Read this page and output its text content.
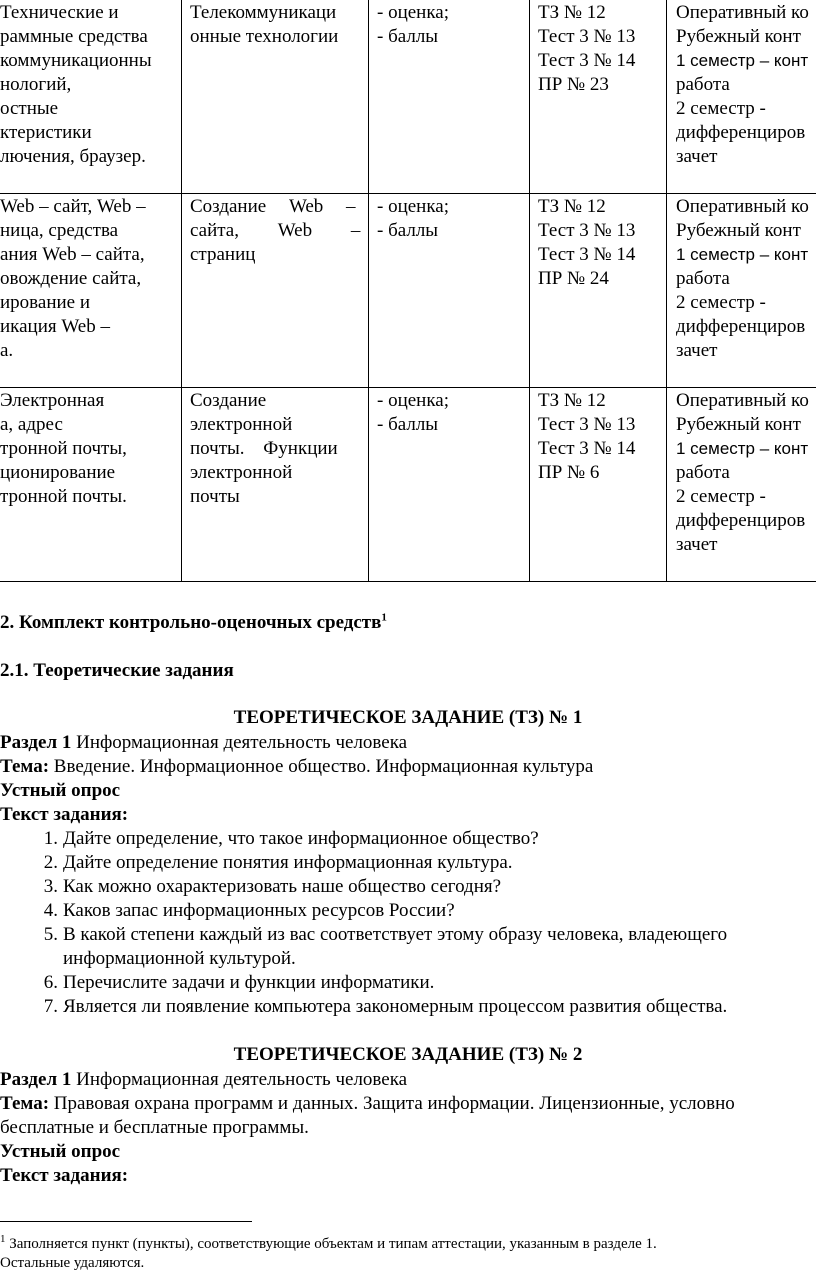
Технические и
раммные средства
коммуникационны
нологий,
остные
ктеристики
лючения, браузер.
Телекоммуникаци
онные технологии
- оценка;
- баллы
ТЗ № 12
Тест 3 № 13
Тест 3 № 14
ПР № 23
Оперативный ко
Рубежный конт
1 семестр – конт
работа
2 семестр -
дифференциров
зачет
Web – сайт, Web –
ница, средства
ания Web – сайта,
овождение сайта,
ирование и
икация Web –
а.
Создание Web –
сайта, Web –
страниц
- оценка;
- баллы
ТЗ № 12
Тест 3 № 13
Тест 3 № 14
ПР № 24
Оперативный ко
Рубежный конт
1 семестр – конт
работа
2 семестр -
дифференциров
зачет
Электронная
а, адрес
тронной почты,
ционирование
тронной почты.
Создание
электронной
почты. Функции
электронной
почты
- оценка;
- баллы
ТЗ № 12
Тест 3 № 13
Тест 3 № 14
ПР № 6
Оперативный ко
Рубежный конт
1 семестр – конт
работа
2 семестр -
дифференциров
зачет
2. Комплект контрольно-оценочных средств$^1$
2.1. Теоретические задания
ТЕОРЕТИЧЕСКОЕ ЗАДАНИЕ (ТЗ) № 1
Раздел 1 Информационная деятельность человека
Тема: Введение. Информационное общество. Информационная культура
Устный опрос
Текст задания:
1. Дайте определение, что такое информационное общество?
2. Дайте определение понятия информационная культура.
3. Как можно охарактеризовать наше общество сегодня?
4. Каков запас информационных ресурсов России?
5. В какой степени каждый из вас соответствует этому образу человека, владеющего
информационной культурой.
6. Перечислите задачи и функции информатики.
7. Является ли появление компьютера закономерным процессом развития общества.
ТЕОРЕТИЧЕСКОЕ ЗАДАНИЕ (ТЗ) № 2
Раздел 1 Информационная деятельность человека
Тема: Правовая охрана программ и данных. Защита информации. Лицензионные, условно
бесплатные и бесплатные программы.
Устный опрос
Текст задания:
$^1$ Заполняется пункт (пункты), соответствующие объектам и типам аттестации, указанным в разделе 1.
Остальные удаляются.
